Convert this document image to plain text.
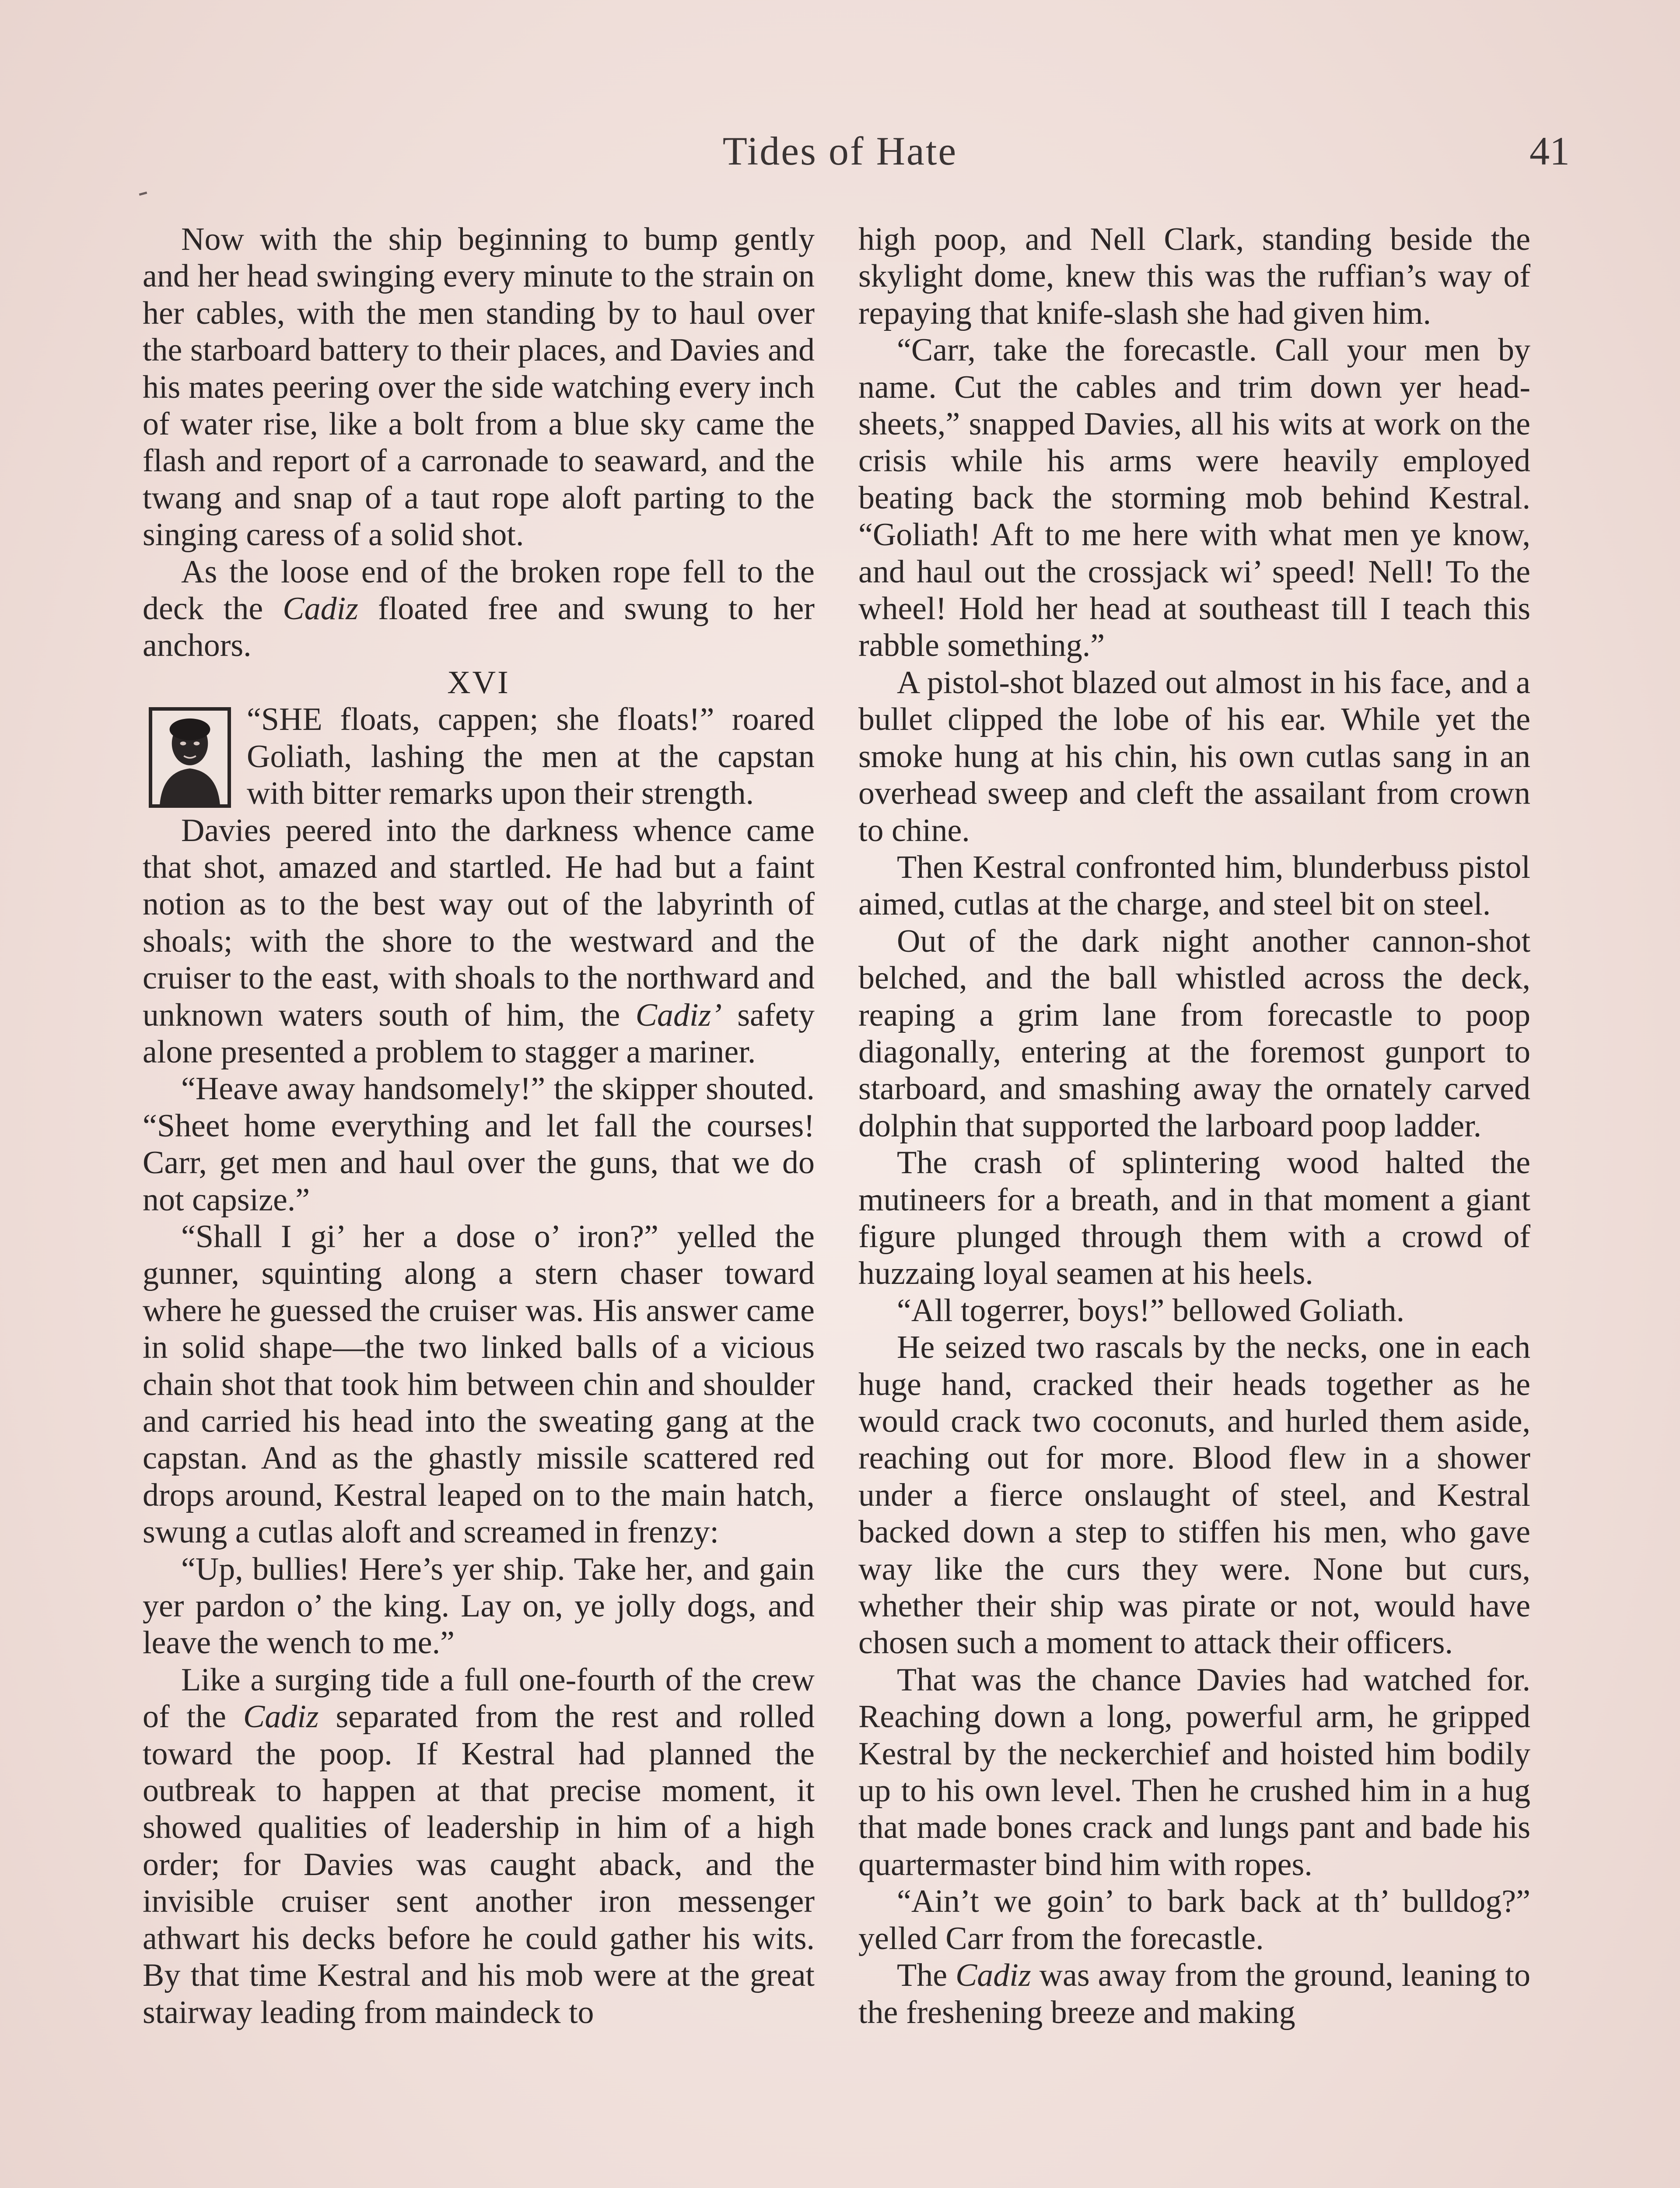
Tides of Hate	41

Now with the ship beginning to bump gently and her head swinging every minute to the strain on her cables, with the men standing by to haul over the starboard battery to their places, and Davies and his mates peering over the side watching every inch of water rise, like a bolt from a blue sky came the flash and report of a carronade to seaward, and the twang and snap of a taut rope aloft parting to the singing caress of a solid shot.

As the loose end of the broken rope fell to the deck the Cadiz floated free and swung to her anchors.

XVI

“SHE floats, cappen; she floats!” roared Goliath, lashing the men at the capstan with bitter remarks upon their strength.

Davies peered into the darkness whence came that shot, amazed and startled. He had but a faint notion as to the best way out of the labyrinth of shoals; with the shore to the westward and the cruiser to the east, with shoals to the northward and unknown waters south of him, the Cadiz’ safety alone presented a problem to stagger a mariner.

“Heave away handsomely!” the skipper shouted. “Sheet home everything and let fall the courses! Carr, get men and haul over the guns, that we do not capsize.”

“Shall I gi’ her a dose o’ iron?” yelled the gunner, squinting along a stern chaser toward where he guessed the cruiser was. His answer came in solid shape—the two linked balls of a vicious chain shot that took him between chin and shoulder and carried his head into the sweating gang at the capstan. And as the ghastly missile scattered red drops around, Kestral leaped on to the main hatch, swung a cutlas aloft and screamed in frenzy:

“Up, bullies! Here’s yer ship. Take her, and gain yer pardon o’ the king. Lay on, ye jolly dogs, and leave the wench to me.”

Like a surging tide a full one-fourth of the crew of the Cadiz separated from the rest and rolled toward the poop. If Kestral had planned the outbreak to happen at that precise moment, it showed qualities of leadership in him of a high order; for Davies was caught aback, and the invisible cruiser sent another iron messenger athwart his decks before he could gather his wits. By that time Kestral and his mob were at the great stairway leading from maindeck to

high poop, and Nell Clark, standing beside the skylight dome, knew this was the ruffian’s way of repaying that knife-slash she had given him.

“Carr, take the forecastle. Call your men by name. Cut the cables and trim down yer head-sheets,” snapped Davies, all his wits at work on the crisis while his arms were heavily employed beating back the storming mob behind Kestral. “Goliath! Aft to me here with what men ye know, and haul out the crossjack wi’ speed! Nell! To the wheel! Hold her head at southeast till I teach this rabble something.”

A pistol-shot blazed out almost in his face, and a bullet clipped the lobe of his ear. While yet the smoke hung at his chin, his own cutlas sang in an overhead sweep and cleft the assailant from crown to chine.

Then Kestral confronted him, blunderbuss pistol aimed, cutlas at the charge, and steel bit on steel.

Out of the dark night another cannon-shot belched, and the ball whistled across the deck, reaping a grim lane from forecastle to poop diagonally, entering at the foremost gunport to starboard, and smashing away the ornately carved dolphin that supported the larboard poop ladder.

The crash of splintering wood halted the mutineers for a breath, and in that moment a giant figure plunged through them with a crowd of huzzaing loyal seamen at his heels.

“All togerrer, boys!” bellowed Goliath.

He seized two rascals by the necks, one in each huge hand, cracked their heads together as he would crack two coconuts, and hurled them aside, reaching out for more. Blood flew in a shower under a fierce onslaught of steel, and Kestral backed down a step to stiffen his men, who gave way like the curs they were. None but curs, whether their ship was pirate or not, would have chosen such a moment to attack their officers.

That was the chance Davies had watched for. Reaching down a long, powerful arm, he gripped Kestral by the neckerchief and hoisted him bodily up to his own level. Then he crushed him in a hug that made bones crack and lungs pant and bade his quartermaster bind him with ropes.

“Ain’t we goin’ to bark back at th’ bulldog?” yelled Carr from the forecastle.

The Cadiz was away from the ground, leaning to the freshening breeze and making
